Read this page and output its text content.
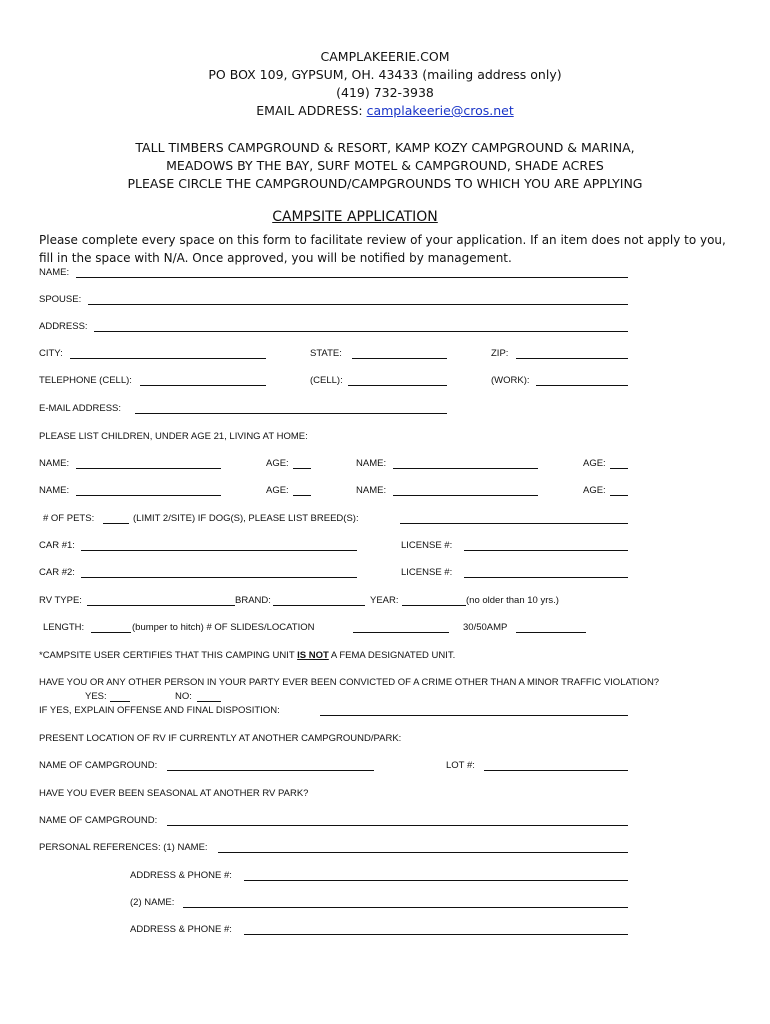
CAMPLAKEERIE.COM
PO BOX 109, GYPSUM, OH. 43433 (mailing address only)
(419) 732-3938
EMAIL ADDRESS: camplakeerie@cros.net
TALL TIMBERS CAMPGROUND & RESORT, KAMP KOZY CAMPGROUND & MARINA,
MEADOWS BY THE BAY, SURF MOTEL & CAMPGROUND, SHADE ACRES
PLEASE CIRCLE THE CAMPGROUND/CAMPGROUNDS TO WHICH YOU ARE APPLYING
CAMPSITE APPLICATION
Please complete every space on this form to facilitate review of your application. If an item does not apply to you, fill in the space with N/A. Once approved, you will be notified by management.
NAME:
SPOUSE:
ADDRESS:
CITY:	STATE:	ZIP:
TELEPHONE (CELL):	(CELL):	(WORK):
E-MAIL ADDRESS:
PLEASE LIST CHILDREN, UNDER AGE 21, LIVING AT HOME:
NAME:	AGE:	NAME:	AGE:
NAME:	AGE:	NAME:	AGE:
# OF PETS:	(LIMIT 2/SITE) IF DOG(S), PLEASE LIST BREED(S):
CAR #1:	LICENSE #:
CAR #2:	LICENSE #:
RV TYPE:	BRAND:	YEAR:	(no older than 10 yrs.)
LENGTH:	(bumper to hitch) # OF SLIDES/LOCATION	30/50AMP
*CAMPSITE USER CERTIFIES THAT THIS CAMPING UNIT IS NOT A FEMA DESIGNATED UNIT.
HAVE YOU OR ANY OTHER PERSON IN YOUR PARTY EVER BEEN CONVICTED OF A CRIME OTHER THAN A MINOR TRAFFIC VIOLATION?
YES:	NO:
IF YES, EXPLAIN OFFENSE AND FINAL DISPOSITION:
PRESENT LOCATION OF RV IF CURRENTLY AT ANOTHER CAMPGROUND/PARK:
NAME OF CAMPGROUND:	LOT #:
HAVE YOU EVER BEEN SEASONAL AT ANOTHER RV PARK?
NAME OF CAMPGROUND:
PERSONAL REFERENCES: (1) NAME:
ADDRESS & PHONE #:
(2) NAME:
ADDRESS & PHONE #:
